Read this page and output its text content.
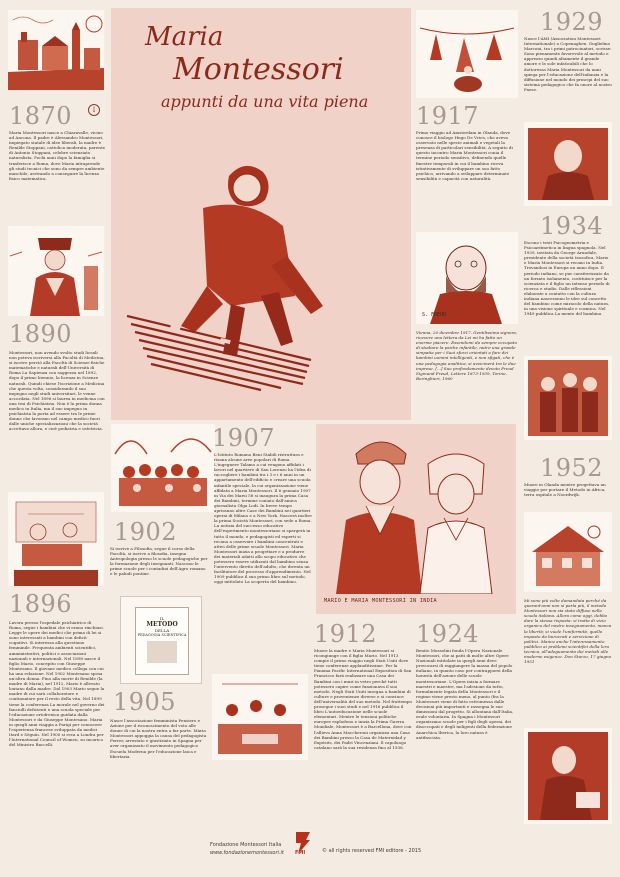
1870	↓
Maria Montessori nasce a Chiaravalle, vicino ad Ancona. Il padre è Alessandro Montessori, impiegato statale di idee liberali, la madre è Renilde Stoppani, cattolica moderata, parente di Antonio Stoppani, celebre scienziato naturalista. Pochi anni dopo la famiglia si trasferisce a Roma, dove Maria intraprende gli studi tecnici che sono da sempre ambiente maschile, arrivando a conseguire la licenza fisico matematica.
1890
Montessori, non avendo svolto studi liceali non poteva iscriversi alla Facoltà di Medicina, si iscrive perciò alla Facoltà di Scienze fisiche matematiche e naturali dell'Università di Roma La Sapienza con saggezza nel 1892, dopo il primo biennio, la licenza in Scienze naturali. Quindi chiese l'iscrizione a Medicina che questa volta, considerando il suo impegno negli studi universitari, le venne accordata. Nel 1896 si laurea in medicina con una tesi di Psichiatria. Non è la prima donna medico in Italia, ma il suo impegno in psichiatria la porta ad essere tra le prime donne che lavorano nel campo medico fuori dalle uniche specializzazioni che la società accettava allora, e cioè pediatria e ostetricia.
1896
Lavora presso l'ospedale psichiatrico di Roma, segue i bambini che vi erano rinchiusi. Legge le opere dei medici che prima di lei si sono interessati a bambini con deficit cognitivi. Si interessa alla questione femminile. Frequenta ambienti scientifici, amministrativi, politici e associazioni nazionali e internazionali. Nel 1898 nasce il figlio Mario, concepito con Giuseppe Montesano. Il giovane medico collega con cui ha una relazione. Nel 1902 Montesano sposa un'altra donna. Fino alla morte di Renilde (la madre di Maria), nel 1912, Mario è allevato lontano dalla madre. Dal 1903 Mario segue la madre di cui sarà collaboratore e continuatore per il resto della vita. Nel 1899 tiene la conferenza La morale nel governo dei fanciulli deficienti e una scuola speciale per l'educazione ortofrenica guidata dalla Montessori e da Giuseppe Montesano. Maria in quegli anni viaggia a Parigi per conoscere l'esperienza francese sviluppata da medici Itard e Séguin. Nel 1900 si reca a Londra per l'International Council of Women, su incarico del Ministro Baccelli.
Maria
Montessori
appunti da una vita piena
1907
L'Istituto Romano Beni Stabili ristruttura e risana alcune aree popolari di Roma. L'ingegnere Talamo a cui vengono affidati i lavori nel quartiere di San Lorenzo ha l'idea di raccogliere i bambini tra i 3 e i 6 anni in un appartamento dell'edificio e creare una scuola infantile speciale, la cui organizzazione viene affidata a Maria Montessori. Il 6 gennaio 1907 in Via dei Marsi 58 si inaugura la prima Casa dei Bambini, termine coniato dall'amica giornalista Olga Lodi. In breve tempo apriranno altre Case dei Bambini nei quartieri operai di Milano e a New York. Nascerà inoltre la prima Società Montessori, con sede a Roma. La notizia del successo educativo dell'esperimento montessoriano si spargerà in tutto il mondo, e pedagogisti ed esperti si recano a osservare i bambini concentrati e attivi delle prime scuole Montessori. Maria Montessori inizia a progettare e a produrre dei materiali adatti allo scopo educativo che potessero essere utilizzati dal bambino senza l'intervento diretto dell'adulto, che diventa un facilitatore del processo d'apprendimento. Nel 1909 pubblica il suo primo libro sul metodo, oggi intitolato La scoperta del bambino.
1902
Si iscrive a Filosofia, segue il corso della Facoltà, si iscrive a filosofia, insegna Antropologia presso le scuole pedagogiche per la formazione degli insegnanti. Nascono le prime scuole per i contadini dell'Agro romano e le paludi pontine.
IL
METODO
DELLA
PEDAGOGIA SCIENTIFICA
1905
Nasce l'associazione femminista Pensiero e Azione per il riconoscimento del voto alle donne di cui la nostra entra a far parte. Maria Montessori appoggia la causa del pedagogista Ferrer, arrestato e giustiziato in Spagna per aver organizzato il movimento pedagogico Escuela Moderna per l'educazione laica e libertaria.
MARIO E MARIA MONTESSORI IN INDIA
1912
Muore la madre e Maria Montessori si ricongiunge con il figlio Mario. Nel 1913 compie il primo viaggio negli Stati Uniti dove tiene conferenze applauditissime. Per la Panama Pacific International Exposition di San Francisco farà realizzare una Casa dei Bambini con i muri in vetro perché tutti potessero capire come funzionava il suo metodo. Negli Stati Uniti insegna a bambini di culture e provenienze diverse e si convince dell'universalità del suo metodo. Nel frattempo prosegue i suoi studi e nel 1916 pubblica il libro L'autoeducazione nelle scuole elementari. Mentre le tensioni politiche europee esplodono e inizia la Prima Guerra Mondiale, Montessori è a Barcellona, dove con l'allievo Anna Maccheroni organizza una Casa dei Bambini presso la Casa de Maternidad y Expósits, dei Padri Vincenziani. Il capoluogo catalano sarà la sua residenza fino al 1936.
1924
Benito Mussolini fonda l'Opera Nazionale Montessori, che ai patti di molte altre Opere Nazionali intitolate in quegli anni deve provocarsi di raggiungere la massa del popolo italiano, in quanto caso per contrapporsi della honestà dell'azione delle scuole montessoriane. L'Opera inizia a formare maestri e maestre, ma l'adesione da tutto, formalmente legata della Montessori e il regime viene presto meno, al punto (fra la Montessori viene di fatto estromessa dalle decisioni più importanti e rassegna le sue dimissioni dal progetto. Si allontana dall'Italia, esule volontaria. In Spagna i Montessori organizzano scuole per i figli degli operai, dei disoccupati e degli indigenti della federazione Anarchica Iberica, la loro natura è antifascista.
1917
Primo viaggio ad Amsterdam in Olanda, dove conosce il biologo Hugo De Vries, che aveva osservato nelle specie animali e vegetali la presenza di particolari sensibilità. A seguito di questo incontro Maria Montessori conia il termine periodo sensitivo, definendo quelle finestre temporali in cui il bambino riceva istintivamente di sviluppare un suo fatto psichico, arrivando a sviluppare determinate sensibilità e capacità con naturalità.
S. FREUD
Vienna, 20 dicembre 1917. Gentilissima signora, ricevere una lettera da Lei mi ha fatto un enorme piacere. Essendomi da sempre occupato di studiare la psiche infantile, nutro una grande simpatia per i Suoi sforzi orientati a fare dei bambini uomini intelligenti, e non sfigati, che è una pedagogia analitica, si avvicinerà tra le due imprese. [...] Suo profondamente devoto Freud Sigmund Freud, Lettere 1873-1939, Torino, Boringhieri, 1960
1929
Nasce l'AMI (Association Montessori Internationale) a Copenaghen. Guglielmo Marconi, tra i primi patrocinatori, scrisse: Sono pienamente favorevole al metodo e apprezzo quindi altamente il grande amore e le sole infaticabili che lo dottoressa Maria Montessori da anni spiega per l'educazione dell'infanzia e la diffusione nel mondo dei principi del suo sistema pedagogico che fa onore al nostro Paese.
1934
Escono i testi Psicogeometria e Psicoaritmetica in lingua spagnola. Nel 1939, invitata da George Arundale, presidente della società teosofica, Mario e Maria Montessori si recano in India. Trovandosi in Europa un anno dopo. Il periodo indiano, se pur caratterizzato da un forzato isolamento, costituisce per la scienziata e il figlio un intenso periodo di ricerca e studio. Dalle riflessioni elaborate a contatto con la cultura indiana nasceranno le idee sul concetto del bambino come miracolo della natura, in una visione spirituale e cosmica. Nel 1949 pubblica La mente del bambino.
1952
Muore in Olanda mentre progettava un viaggio per portare il Metodo in Africa, terra ospitale a Noordwijk.
Mi sono più volte domandata perché da quarant'anni non si parla più, il metodo Montessori non sia stato diffuso nella scuola italiana. Allora come oggi, debbo dare la stessa risposta: si tratta di vizio organico del nostro insegnamento, manca la libertà; si vuole l'uniformità; quello imposto da burocrati e servizione di politici. Manca anche l'interessamento pubblico ai problemi scientifici della loro tecnica, all'adeguamento dei metodi alle moderne esigenze. Don Sturzo, 17 giugno 1951
Fondazione Montessori Italia
www.fondazionemontessori.it FMI	© all rights reserved FMI editore - 2015
